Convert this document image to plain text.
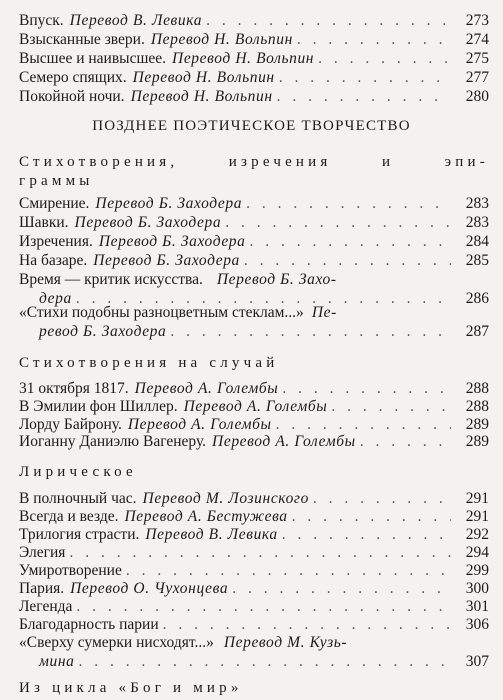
Впуск. Перевод В. Левика . . .	273
Взысканные звери. Перевод Н. Вольпин . . .	274
Высшее и наивысшее. Перевод Н. Вольпин . . .	275
Семеро спящих. Перевод Н. Вольпин . . .	277
Покойной ночи. Перевод Н. Вольпин . . .	280
ПОЗДНЕЕ ПОЭТИЧЕСКОЕ ТВОРЧЕСТВО
Стихотворения,	изречения	и	эпи-
граммы
Смирение. Перевод Б. Заходера . . .	283
Шавки. Перевод Б. Заходера . . .	283
Изречения. Перевод Б. Заходера . . .	284
На базаре. Перевод Б. Заходера . . .	285
Время — критик искусства. Перевод Б. Захо-
дера . . .	286
«Стихи подобны разноцветным стеклам...» Пе-
ревод Б. Заходера . . .	287
Стихотворения на случай
31 октября 1817. Перевод А. Голембы . . .	288
В Эмилии фон Шиллер. Перевод А. Голембы . . .	288
Лорду Байрону. Перевод А. Голембы . . .	289
Иоганну Даниэлю Вагенеру. Перевод А. Голембы . . .	289
Лирическое
В полночный час. Перевод М. Лозинского . . .	291
Всегда и везде. Перевод А. Бестужева . . .	291
Трилогия страсти. Перевод В. Левика . . .	292
Элегия . . .	294
Умиротворение . . .	299
Пария. Перевод О. Чухонцева . . .	300
Легенда . . .	301
Благодарность парии . . .	306
«Сверху сумерки нисходят...» Перевод М. Кузь-
мина . . .	307
Из цикла «Бог и мир»
